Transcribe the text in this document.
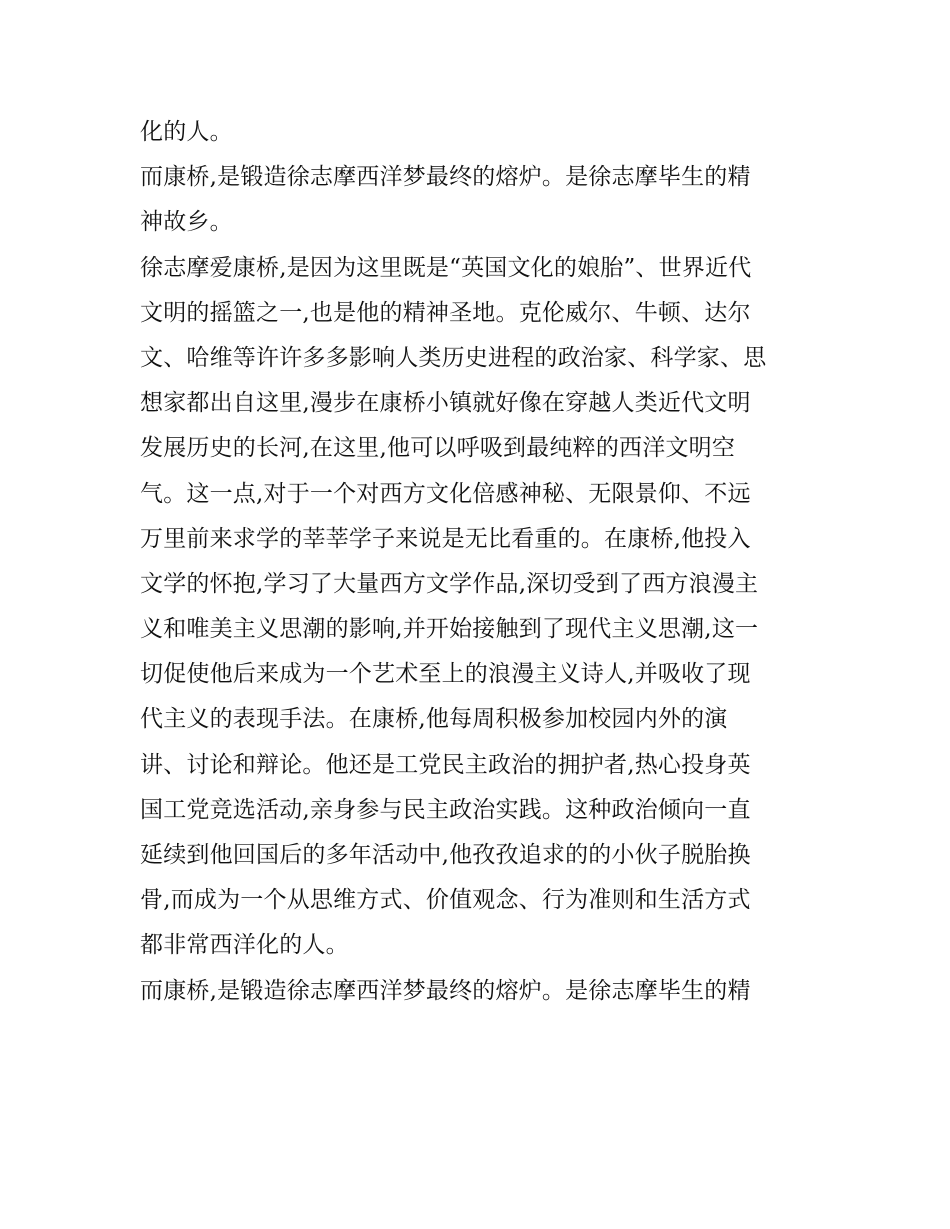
化的人。
而康桥,是锻造徐志摩西洋梦最终的熔炉。是徐志摩毕生的精
神故乡。
徐志摩爱康桥,是因为这里既是“英国文化的娘胎”、世界近代
文明的摇篮之一,也是他的精神圣地。克伦威尔、牛顿、达尔
文、哈维等许许多多影响人类历史进程的政治家、科学家、思
想家都出自这里,漫步在康桥小镇就好像在穿越人类近代文明
发展历史的长河,在这里,他可以呼吸到最纯粹的西洋文明空
气。这一点,对于一个对西方文化倍感神秘、无限景仰、不远
万里前来求学的莘莘学子来说是无比看重的。在康桥,他投入
文学的怀抱,学习了大量西方文学作品,深切受到了西方浪漫主
义和唯美主义思潮的影响,并开始接触到了现代主义思潮,这一
切促使他后来成为一个艺术至上的浪漫主义诗人,并吸收了现
代主义的表现手法。在康桥,他每周积极参加校园内外的演
讲、讨论和辩论。他还是工党民主政治的拥护者,热心投身英
国工党竞选活动,亲身参与民主政治实践。这种政治倾向一直
延续到他回国后的多年活动中,他孜孜追求的的小伙子脱胎换
骨,而成为一个从思维方式、价值观念、行为准则和生活方式
都非常西洋化的人。
而康桥,是锻造徐志摩西洋梦最终的熔炉。是徐志摩毕生的精
